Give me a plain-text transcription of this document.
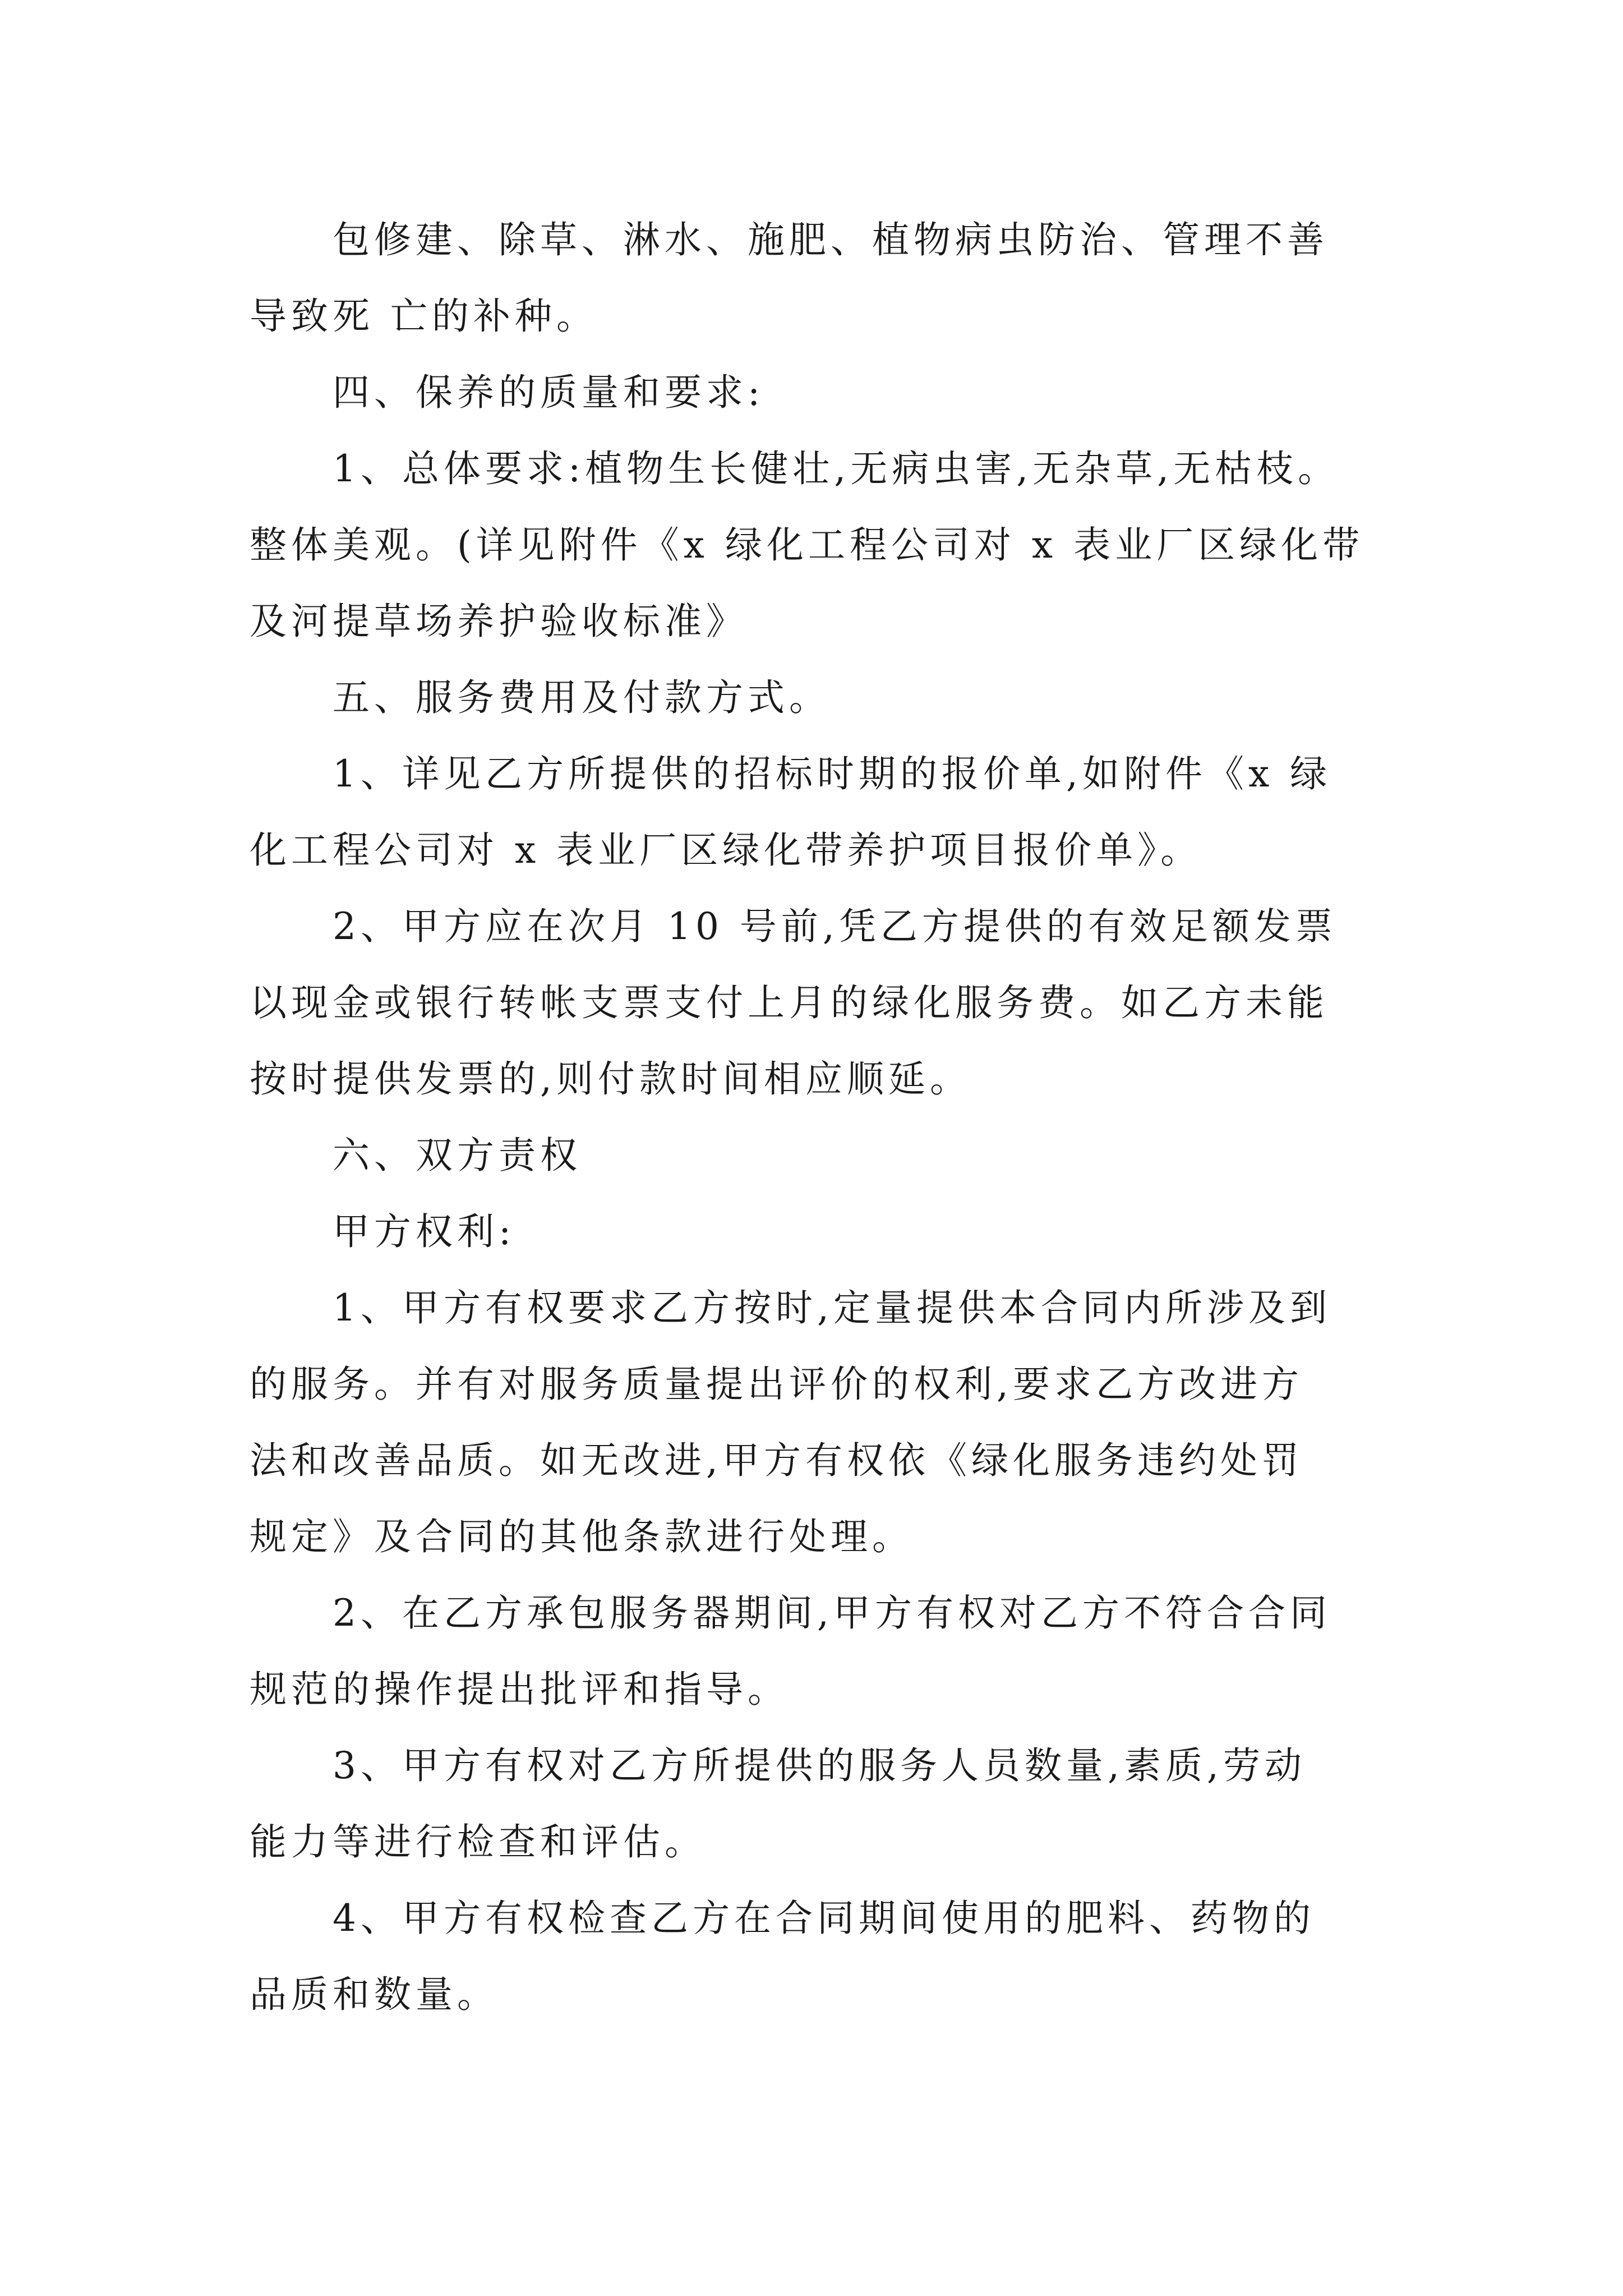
包修建、除草、淋水、施肥、植物病虫防治、管理不善
导致死 亡的补种。
四、保养的质量和要求:
1、总体要求:植物生长健壮,无病虫害,无杂草,无枯枝。
整体美观。(详见附件《x 绿化工程公司对 x 表业厂区绿化带
及河提草场养护验收标准》
五、服务费用及付款方式。
1、详见乙方所提供的招标时期的报价单,如附件《x 绿
化工程公司对 x 表业厂区绿化带养护项目报价单》。
2、甲方应在次月 10 号前,凭乙方提供的有效足额发票
以现金或银行转帐支票支付上月的绿化服务费。如乙方未能
按时提供发票的,则付款时间相应顺延。
六、双方责权
甲方权利:
1、甲方有权要求乙方按时,定量提供本合同内所涉及到
的服务。并有对服务质量提出评价的权利,要求乙方改进方
法和改善品质。如无改进,甲方有权依《绿化服务违约处罚
规定》及合同的其他条款进行处理。
2、在乙方承包服务器期间,甲方有权对乙方不符合合同
规范的操作提出批评和指导。
3、甲方有权对乙方所提供的服务人员数量,素质,劳动
能力等进行检查和评估。
4、甲方有权检查乙方在合同期间使用的肥料、药物的
品质和数量。
